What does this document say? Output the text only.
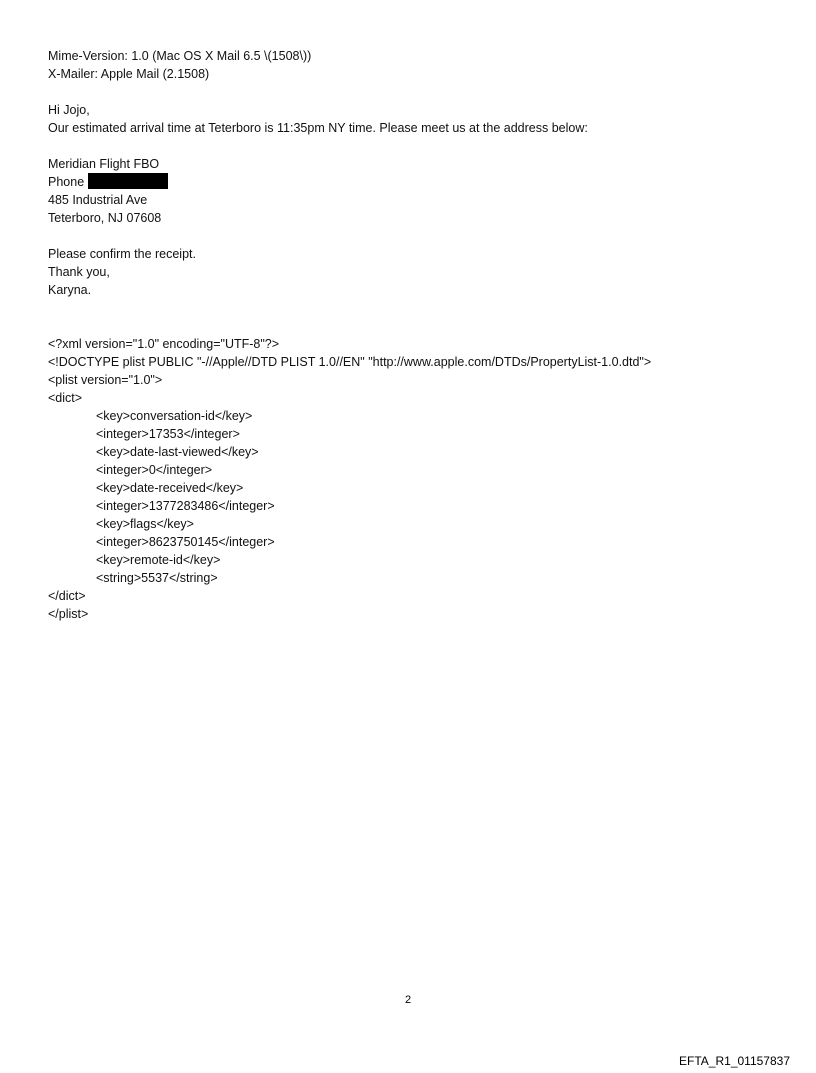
Mime-Version: 1.0 (Mac OS X Mail 6.5 \(1508\))
X-Mailer: Apple Mail (2.1508)
Hi Jojo,
Our estimated arrival time at Teterboro is 11:35pm NY time. Please meet us at the address below:
Meridian Flight FBO
Phone
485 Industrial Ave
Teterboro, NJ 07608
Please confirm the receipt.
Thank you,
Karyna.
<?xml version="1.0" encoding="UTF-8"?>
<!DOCTYPE plist PUBLIC "-//Apple//DTD PLIST 1.0//EN" "http://www.apple.com/DTDs/PropertyList-1.0.dtd">
<plist version="1.0">
<dict>
<key>conversation-id</key>
<integer>17353</integer>
<key>date-last-viewed</key>
<integer>0</integer>
<key>date-received</key>
<integer>1377283486</integer>
<key>flags</key>
<integer>8623750145</integer>
<key>remote-id</key>
<string>5537</string>
</dict>
</plist>
2
EFTA_R1_01157837
